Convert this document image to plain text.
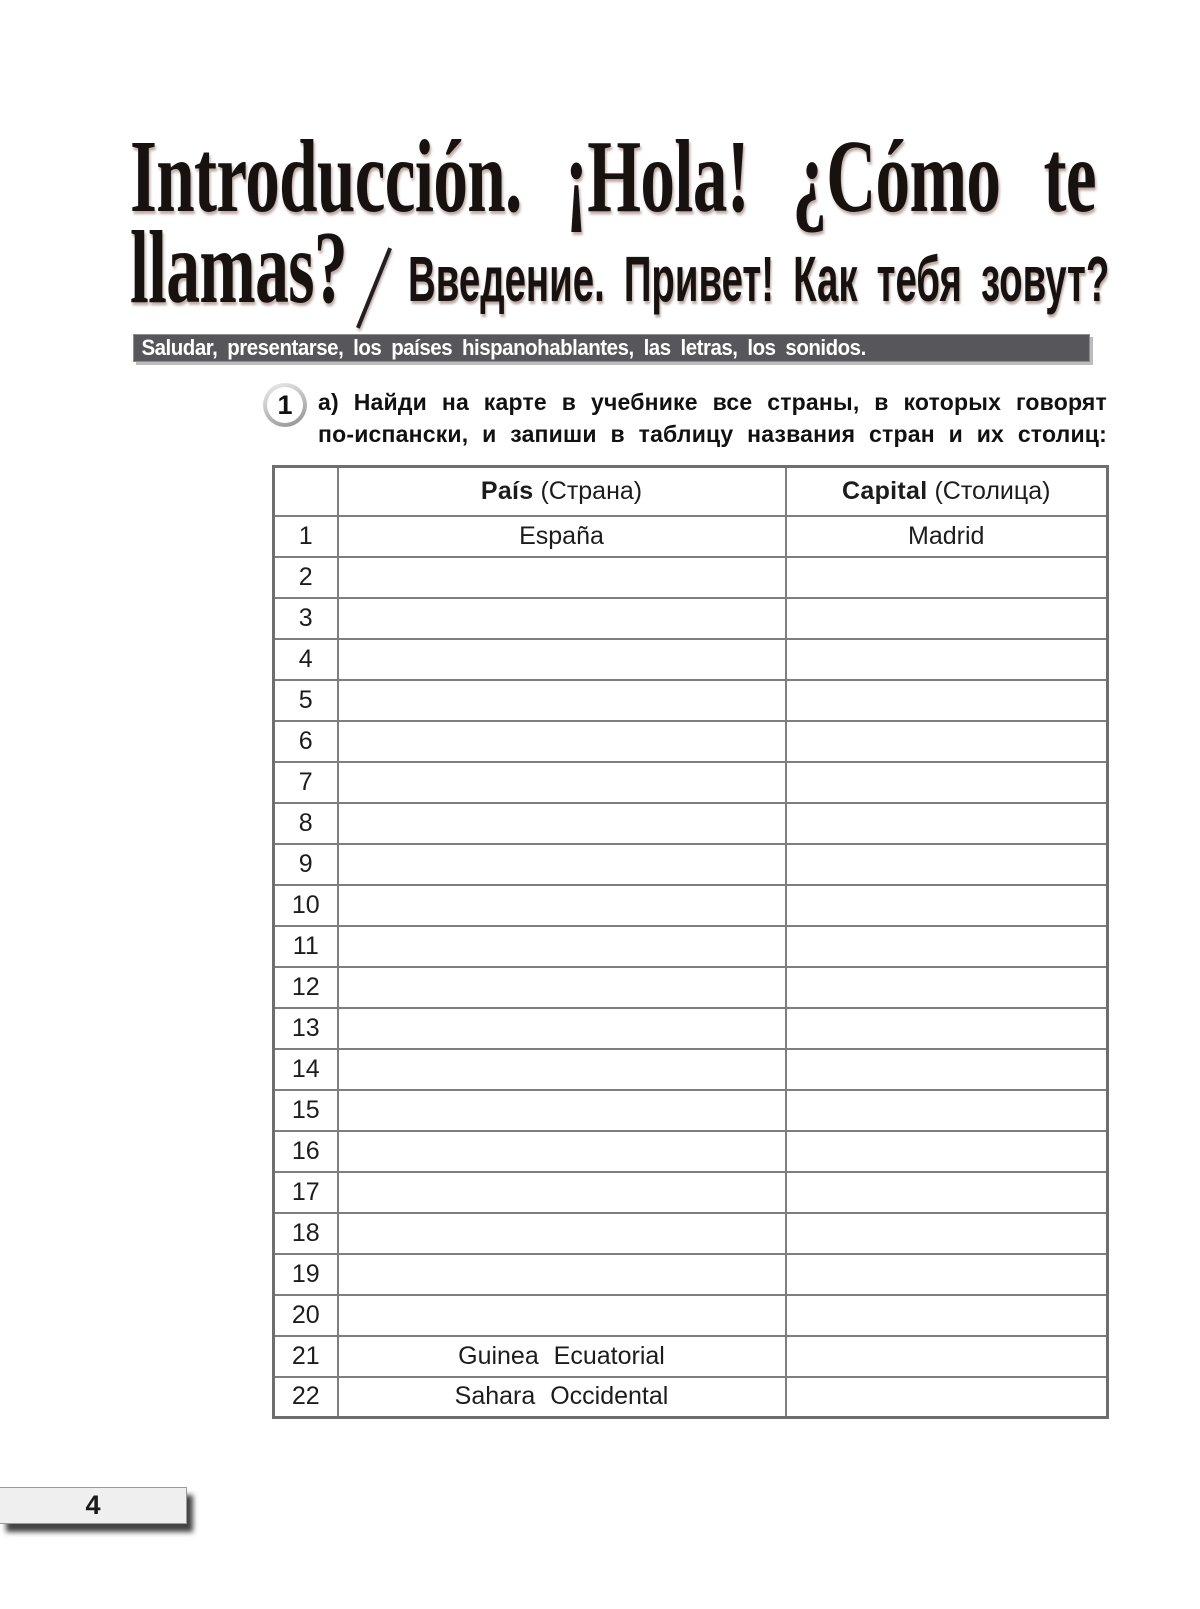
Introducción. ¡Hola! ¿Cómo te
llamas? Введение. Привет! Как тебя зовут?
Saludar, presentarse, los países hispanohablantes, las letras, los sonidos.
1	а) Найди на карте в учебнике все страны, в которых говорят
по-испански, и запиши в таблицу названия стран и их столиц:
	País (Страна)	Capital (Столица)
1	España	Madrid
2		
3		
4		
5		
6		
7		
8		
9		
10		
11		
12		
13		
14		
15		
16		
17		
18		
19		
20		
21	Guinea Ecuatorial	
22	Sahara Occidental	
4
